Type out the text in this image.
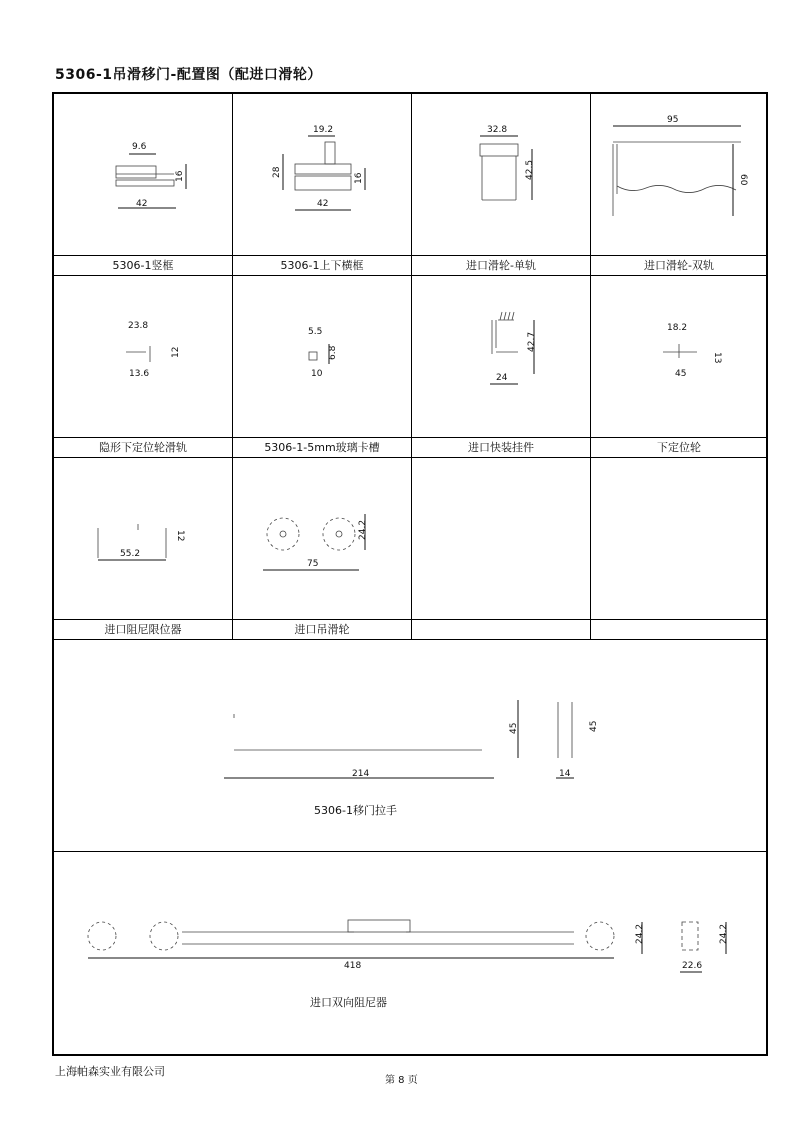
5306-1吊滑移门-配置图（配进口滑轮）
9.6
16
42
19.2
28
16
42
32.8
42.5
95
60
5306-1竖框	5306-1上下横框	进口滑轮-单轨	进口滑轮-双轨
23.8
12
13.6
5.5
6.8
10
42.7
24
18.2
13
45
隐形下定位轮滑轨	5306-1-5mm玻璃卡槽	进口快装挂件	下定位轮
12
55.2
24.2
75
进口阻尼限位器	进口吊滑轮
45	45
214	14
5306-1移门拉手
24.2	24.2
418	22.6
进口双向阻尼器
上海帕森实业有限公司
第 8 页
